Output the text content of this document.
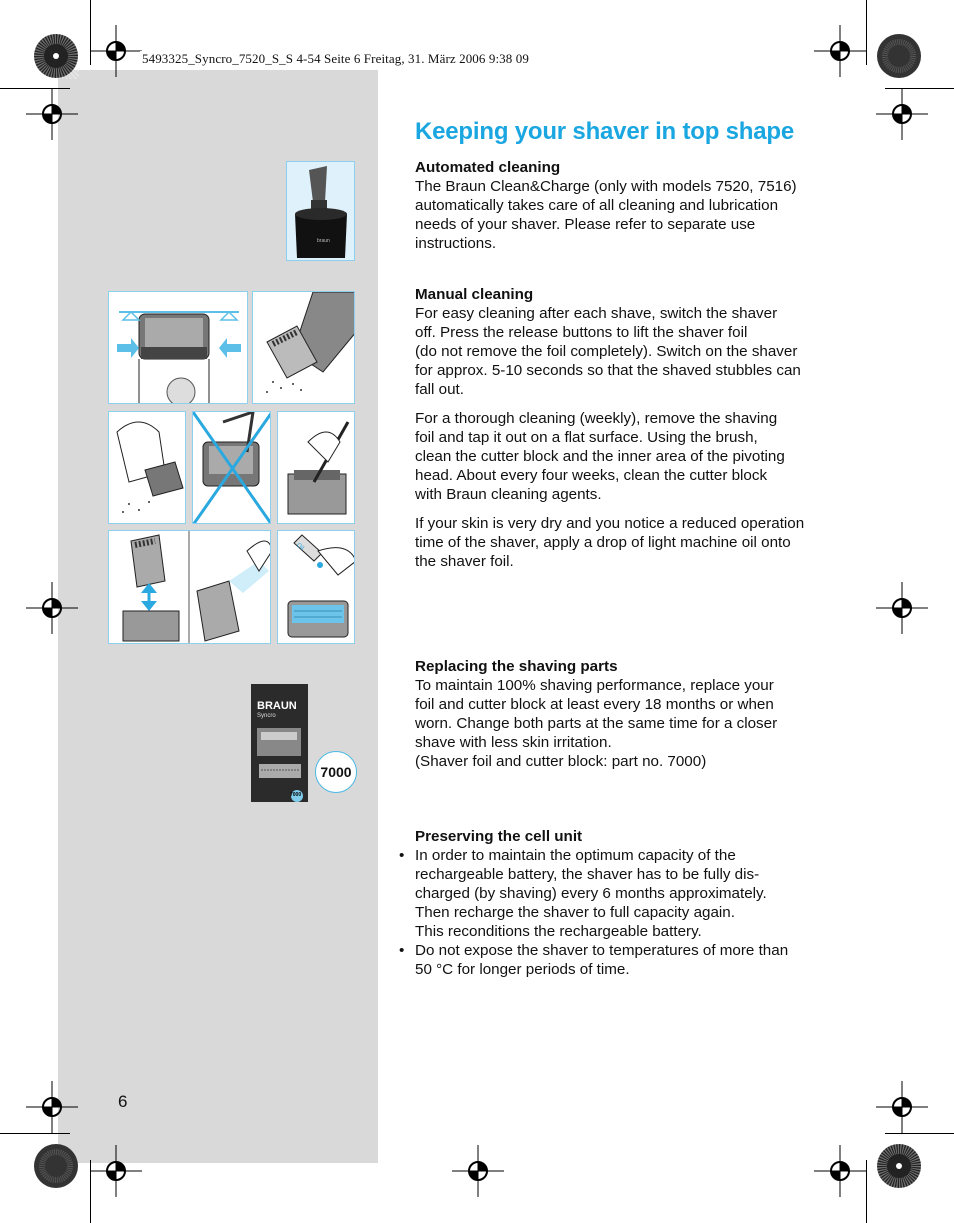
5493325_Syncro_7520_S_S 4-54 Seite 6 Freitag, 31. März 2006 9:38 09
Keeping your shaver in top shape
Automated cleaning
The Braun Clean&Charge (only with models 7520, 7516)
automatically takes care of all cleaning and lubrication
needs of your shaver. Please refer to separate use
instructions.
Manual cleaning

For easy cleaning after each shave, switch the shaver
off. Press the release buttons to lift the shaver foil
(do not remove the foil completely). Switch on the shaver
for approx. 5-10 seconds so that the shaved stubbles can
fall out.

For a thorough cleaning (weekly), remove the shaving
foil and tap it out on a flat surface. Using the brush,
clean the cutter block and the inner area of the pivoting
head. About every four weeks, clean the cutter block
with Braun cleaning agents.

If your skin is very dry and you notice a reduced operation
time of the shaver, apply a drop of light machine oil onto
the shaver foil.

Replacing the shaving parts
To maintain 100% shaving performance, replace your
foil and cutter block at least every 18 months or when
worn. Change both parts at the same time for a closer
shave with less skin irritation.
(Shaver foil and cutter block: part no. 7000)
Preserving the cell unit
• In order to maintain the optimum capacity of the
rechargeable battery, the shaver has to be fully dis-
charged (by shaving) every 6 months approximately.
Then recharge the shaver to full capacity again.
This reconditions the rechargeable battery.
• Do not expose the shaver to temperatures of more than
50 °C for longer periods of time.
6
braun
Oil
BRAUN
Syncro
7000
7000
